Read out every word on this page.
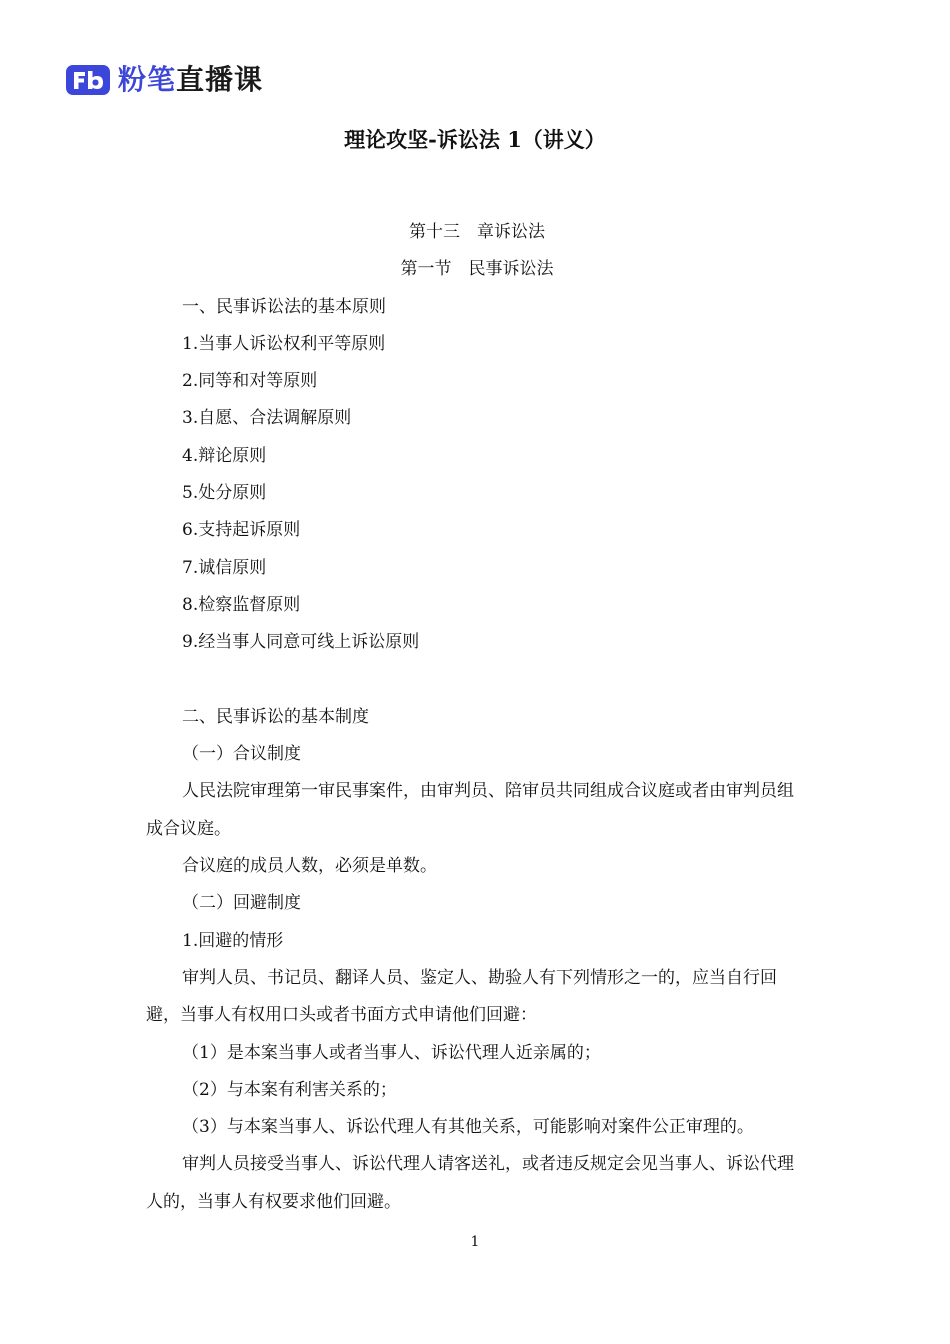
粉笔直播课
理论攻坚-诉讼法 1（讲义）

第十三　章诉讼法

第一节　民事诉讼法

一、民事诉讼法的基本原则

1.当事人诉讼权利平等原则

2.同等和对等原则

3.自愿、合法调解原则

4.辩论原则

5.处分原则

6.支持起诉原则

7.诚信原则

8.检察监督原则

9.经当事人同意可线上诉讼原则

二、民事诉讼的基本制度

（一）合议制度

人民法院审理第一审民事案件，由审判员、陪审员共同组成合议庭或者由审判员组成合议庭。

合议庭的成员人数，必须是单数。

（二）回避制度

1.回避的情形

审判人员、书记员、翻译人员、鉴定人、勘验人有下列情形之一的，应当自行回避，当事人有权用口头或者书面方式申请他们回避：

（1）是本案当事人或者当事人、诉讼代理人近亲属的；

（2）与本案有利害关系的；

（3）与本案当事人、诉讼代理人有其他关系，可能影响对案件公正审理的。

审判人员接受当事人、诉讼代理人请客送礼，或者违反规定会见当事人、诉讼代理人的，当事人有权要求他们回避。

1
